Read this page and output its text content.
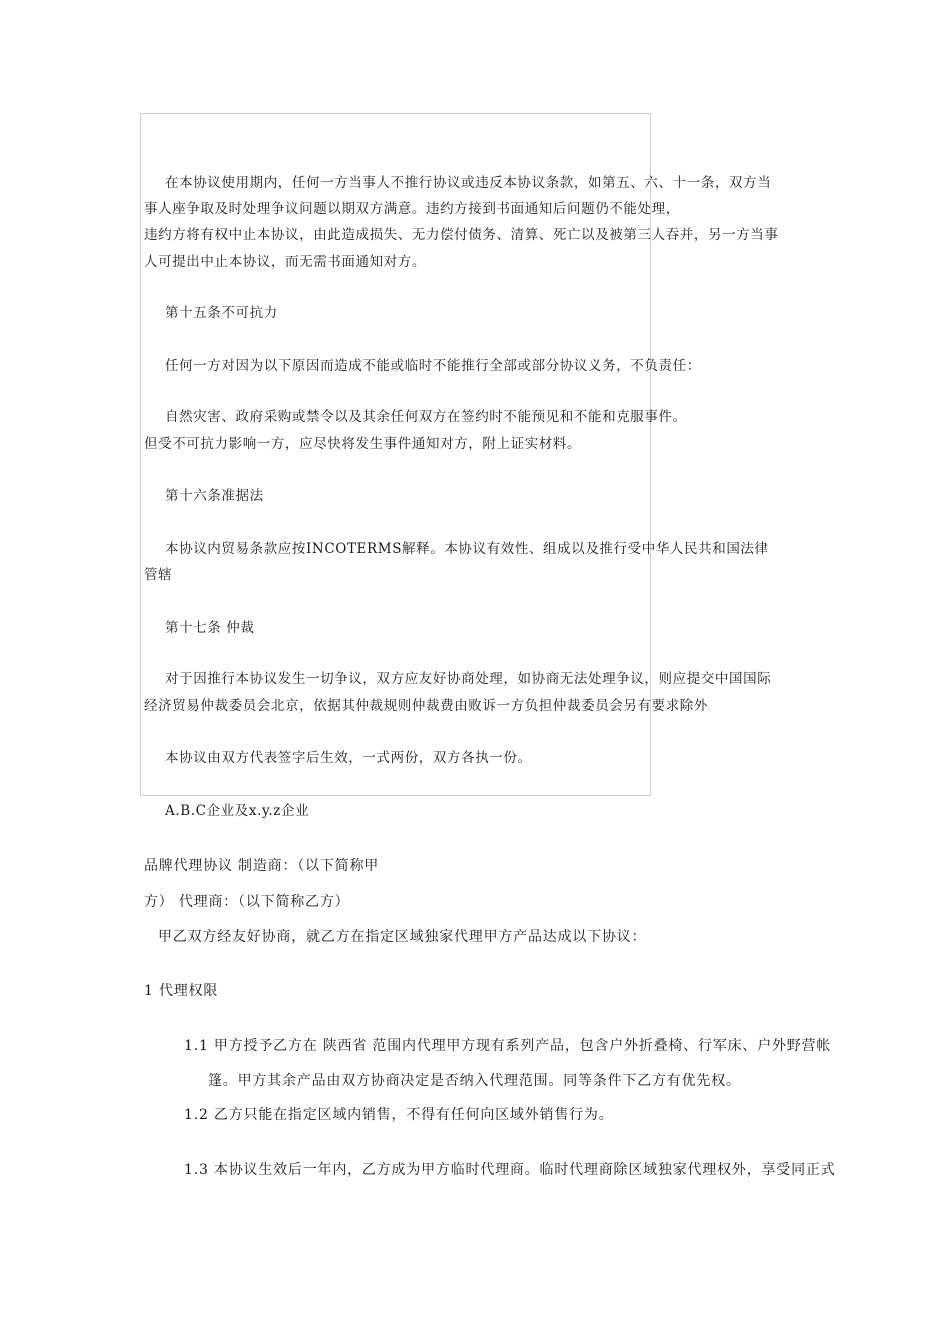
在本协议使用期内，任何一方当事人不推行协议或违反本协议条款，如第五、六、十一条，双方当
事人座争取及时处理争议问题以期双方满意。违约方接到书面通知后问题仍不能处理，
违约方将有权中止本协议，由此造成损失、无力偿付债务、清算、死亡以及被第三人吞并，另一方当事
人可提出中止本协议，而无需书面通知对方。
第十五条不可抗力
任何一方对因为以下原因而造成不能或临时不能推行全部或部分协议义务，不负责任：
自然灾害、政府采购或禁令以及其余任何双方在签约时不能预见和不能和克服事件。
但受不可抗力影响一方，应尽快将发生事件通知对方，附上证实材料。
第十六条准据法
本协议内贸易条款应按INCOTERMS解释。本协议有效性、组成以及推行受中华人民共和国法律
管辖
第十七条 仲裁
对于因推行本协议发生一切争议，双方应友好协商处理，如协商无法处理争议，则应提交中国国际
经济贸易仲裁委员会北京，依据其仲裁规则仲裁费由败诉一方负担仲裁委员会另有要求除外
本协议由双方代表签字后生效，一式两份，双方各执一份。
A.B.C企业及x.y.z企业
品牌代理协议 制造商：（以下简称甲
方） 代理商：（以下简称乙方）
甲乙双方经友好协商，就乙方在指定区域独家代理甲方产品达成以下协议：
1 代理权限
1.1 甲方授予乙方在 陕西省 范围内代理甲方现有系列产品，包含户外折叠椅、行军床、户外野营帐
篷。甲方其余产品由双方协商决定是否纳入代理范围。同等条件下乙方有优先权。
1.2 乙方只能在指定区域内销售，不得有任何向区域外销售行为。
1.3 本协议生效后一年内，乙方成为甲方临时代理商。临时代理商除区域独家代理权外，享受同正式
